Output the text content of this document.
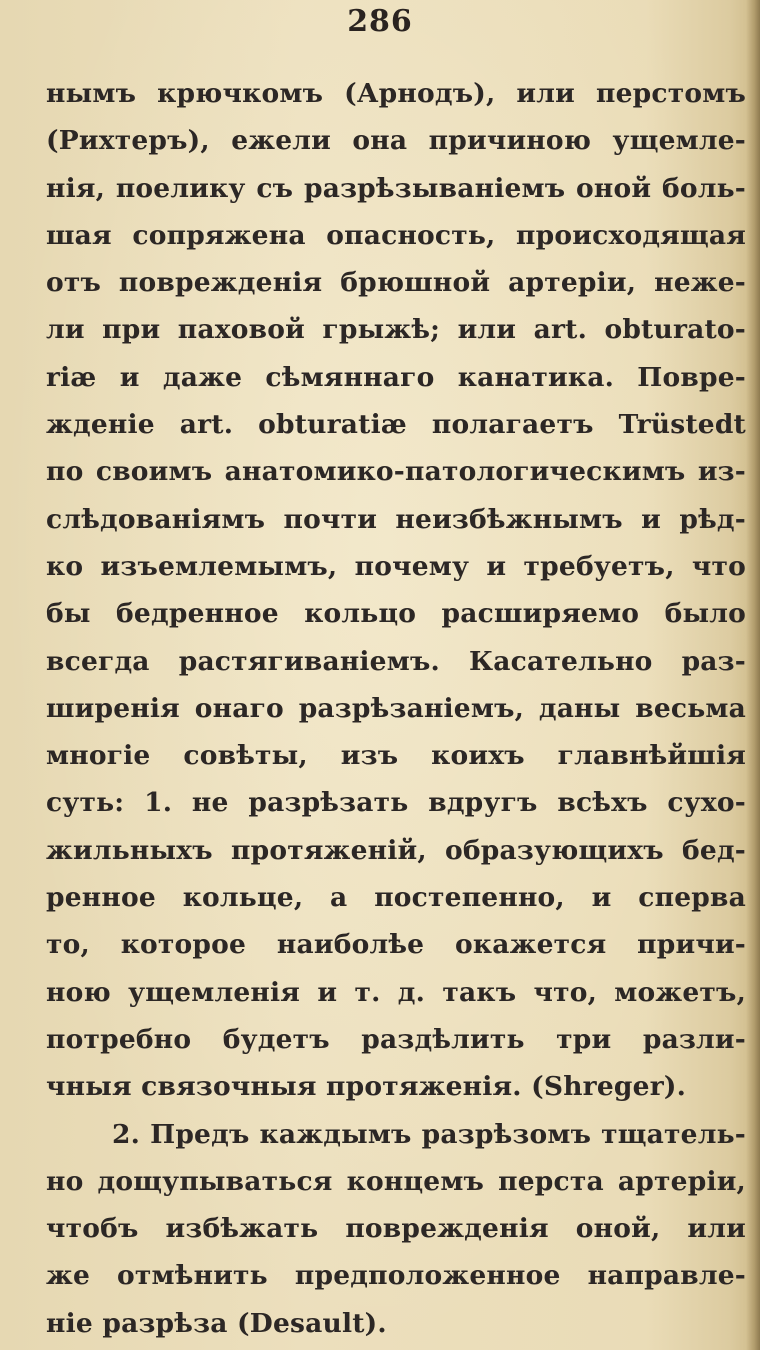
286
нымъ крючкомъ (Арнодъ), или перстомъ
(Рихтеръ), ежели она причиною ущемле-
нія, поелику съ разрѣзываніемъ оной боль-
шая сопряжена опасность, происходящая
отъ поврежденія брюшной артеріи, неже-
ли при паховой грыжѣ; или art. obturato-
riæ и даже сѣмяннаго канатика. Повре-
жденіе art. obturatiæ полагаетъ Trüstedt
по своимъ анатомико-патологическимъ из-
слѣдованіямъ почти неизбѣжнымъ и рѣд-
ко изъемлемымъ, почему и требуетъ, что
бы бедренное кольцо расширяемо было
всегда растягиваніемъ. Касательно раз-
ширенія онаго разрѣзаніемъ, даны весьма
многіе совѣты, изъ коихъ главнѣйшія
суть: 1. не разрѣзать вдругъ всѣхъ сухо-
жильныхъ протяженій, образующихъ бед-
ренное кольце, а постепенно, и сперва
то, которое наиболѣе окажется причи-
ною ущемленія и т. д. такъ что, можетъ,
потребно будетъ раздѣлить три разли-
чныя связочныя протяженія. (Shreger).
2. Предъ каждымъ разрѣзомъ тщатель-
но дощупываться концемъ перста артеріи,
чтобъ избѣжать поврежденія оной, или
же отмѣнить предположенное направле-
ніе разрѣза (Desault).
